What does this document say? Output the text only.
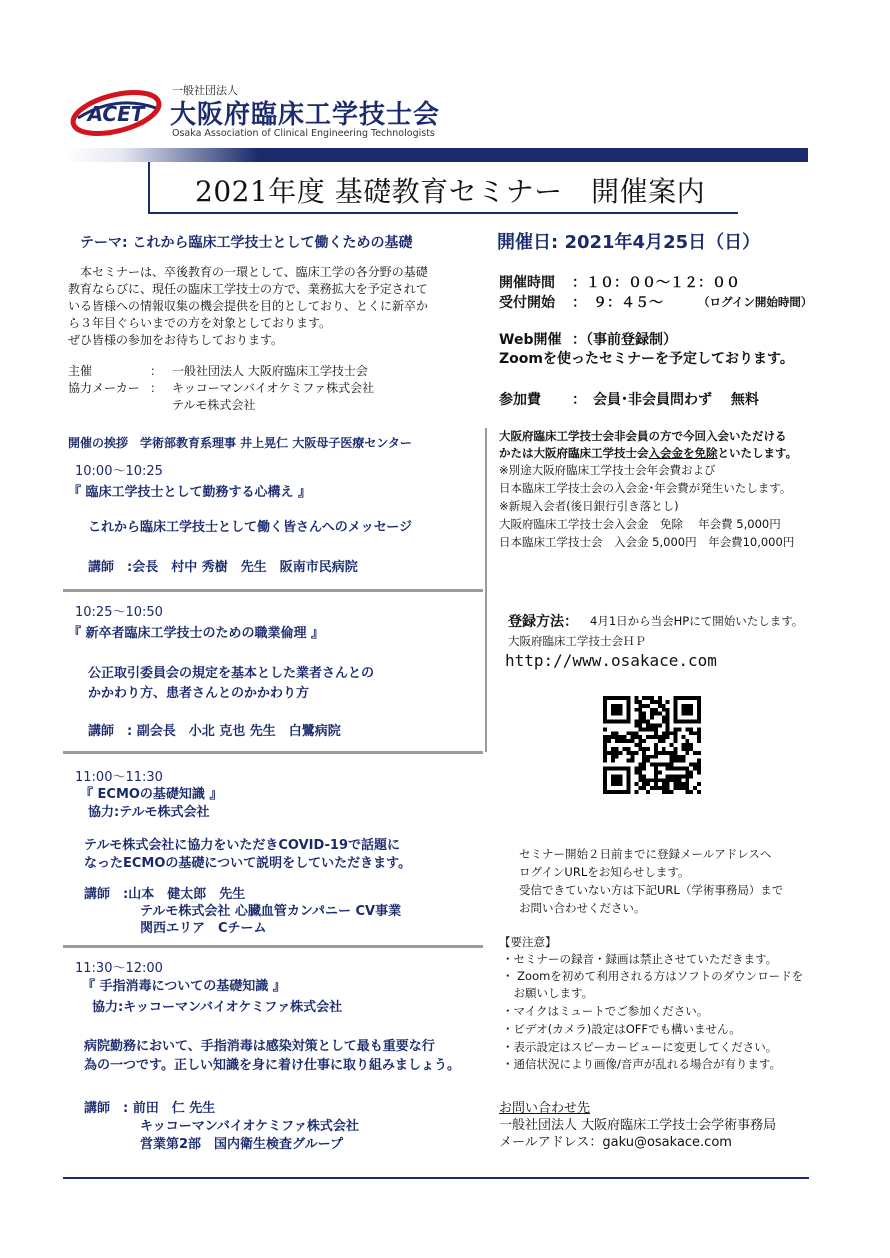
ACET
一般社団法人
大阪府臨床工学技士会
Osaka Association of Clinical Engineering Technologists
2021年度 基礎教育セミナー　開催案内
テーマ: これから臨床工学技士として働くための基礎
　本セミナーは、卒後教育の一環として、臨床工学の各分野の基礎
教育ならびに、現任の臨床工学技士の方で、業務拡大を予定されて
いる皆様への情報収集の機会提供を目的としており、とくに新卒か
ら３年目ぐらいまでの方を対象としております。
ぜひ皆様の参加をお待ちしております。
主催	： 一般社団法人 大阪府臨床工学技士会
協力メーカー ： キッコーマンバイオケミファ株式会社
テルモ株式会社
開催の挨拶　学術部教育系理事 井上晃仁 大阪母子医療センター
10:00～10:25
『 臨床工学技士として勤務する心構え 』
これから臨床工学技士として働く皆さんへのメッセージ
講師　:会長　村中 秀樹　先生　阪南市民病院
10:25～10:50
『 新卒者臨床工学技士のための職業倫理 』
公正取引委員会の規定を基本とした業者さんとの
かかわり方、患者さんとのかかわり方
講師　: 副会長　小北 克也 先生　白鷺病院
11:00～11:30
『 ECMOの基礎知識 』
協力:テルモ株式会社
テルモ株式会社に協力をいただきCOVID-19で話題に
なったECMOの基礎について説明をしていただきます。
講師　:山本　健太郎　先生
テルモ株式会社 心臓血管カンパニー CV事業
関西エリア　Cチーム
11:30～12:00
『 手指消毒についての基礎知識 』
協力:キッコーマンバイオケミファ株式会社
病院勤務において、手指消毒は感染対策として最も重要な行
為の一つです。正しい知識を身に着け仕事に取り組みましょう。
講師　: 前田　仁 先生
キッコーマンバイオケミファ株式会社
営業第2部　国内衛生検査グループ
開催日: 2021年4月25日（日）
開催時間 ：１０：００～１２：００
受付開始 ：　９：４５～	（ログイン開始時間）
Web開催 ：（事前登録制）
Zoomを使ったセミナーを予定しております。
参加費 ：　会員･非会員問わず　 無料
大阪府臨床工学技士会非会員の方で今回入会いただける
かたは大阪府臨床工学技士会入会金を免除といたします。
※別途大阪府臨床工学技士会年会費および
日本臨床工学技士会の入会金･年会費が発生いたします。
※新規入会者(後日銀行引き落とし)
大阪府臨床工学技士会入会金　免除　 年会費 5,000円
日本臨床工学技士会　入会金 5,000円　年会費10,000円
登録方法： 4月1日から当会HPにて開始いたします。
大阪府臨床工学技士会ＨＰ
http://www.osakace.com
セミナー開始２日前までに登録メールアドレスへ
ログインURLをお知らせします。
受信できていない方は下記URL（学術事務局）まで
お問い合わせください。
【要注意】
・セミナーの録音・録画は禁止させていただきます。
・ Zoomを初めて利用される方はソフトのダウンロードを
　お願いします。
・マイクはミュートでご参加ください。
・ビデオ(カメラ)設定はOFFでも構いません。
・表示設定はスピーカービューに変更してください。
・通信状況により画像/音声が乱れる場合が有ります。
お問い合わせ先
一般社団法人 大阪府臨床工学技士会学術事務局
メールアドレス：gaku@osakace.com
